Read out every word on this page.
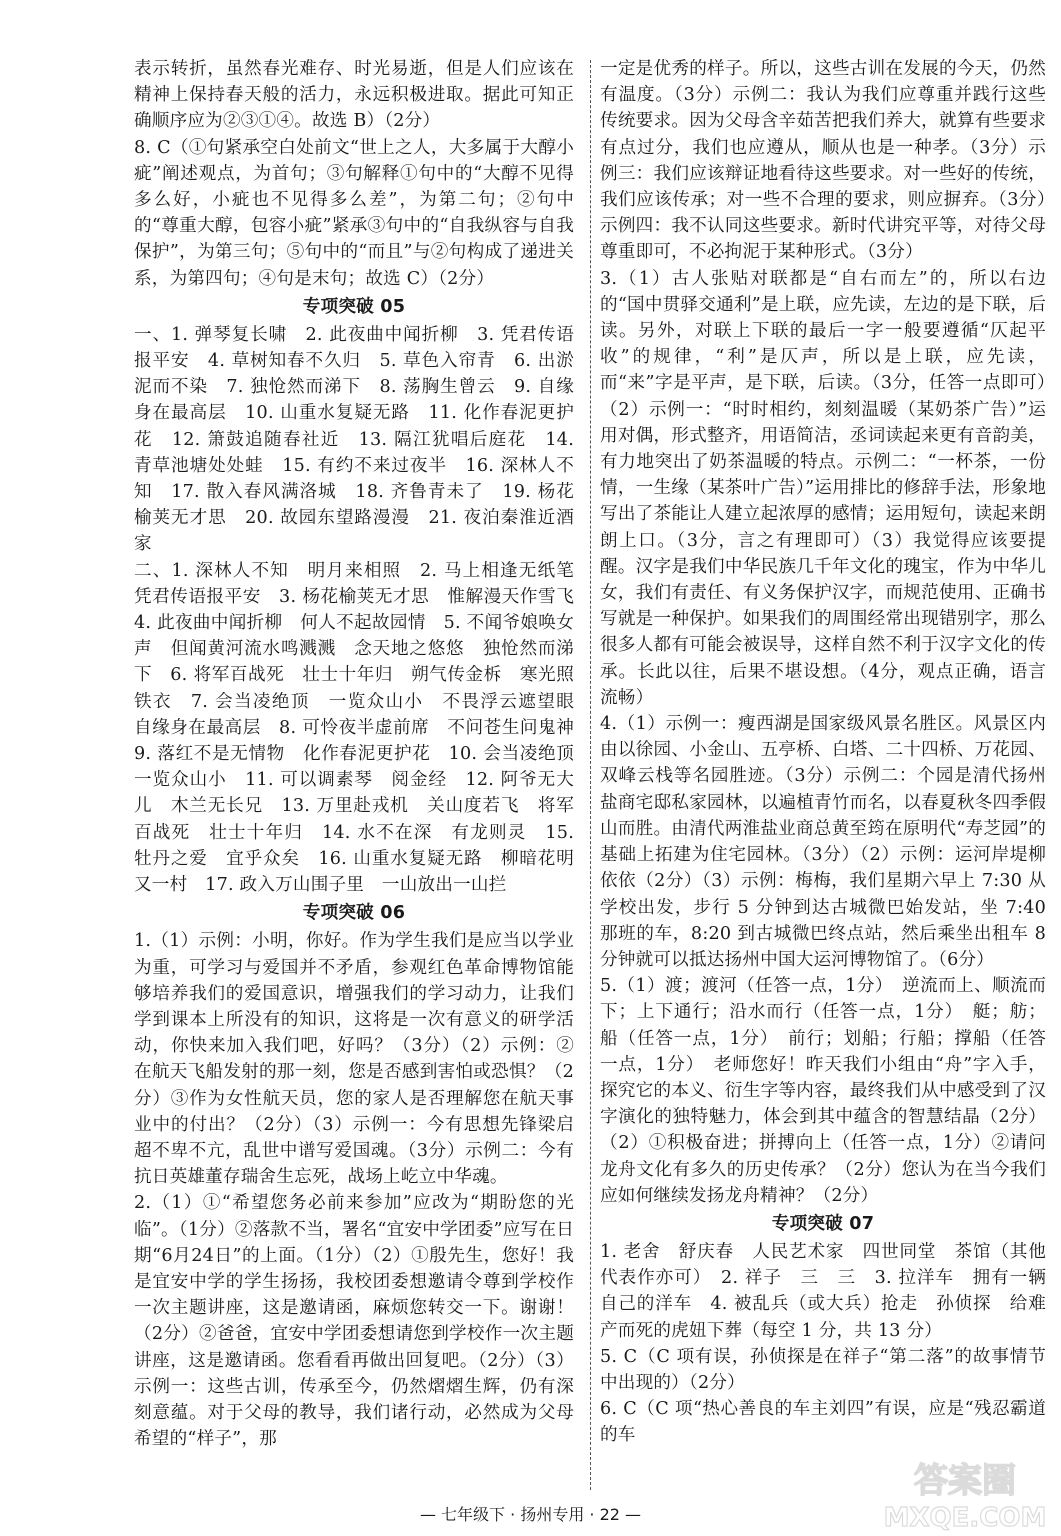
表示转折，虽然春光难存、时光易逝，但是人们应该在精神上保持春天般的活力，永远积极进取。据此可知正确顺序应为②③①④。故选 B）（2分）
8. C（①句紧承空白处前文“世上之人，大多属于大醇小疵”阐述观点，为首句；③句解释①句中的“大醇不见得多么好，小疵也不见得多么差”，为第二句；②句中的“尊重大醇，包容小疵”紧承③句中的“自我纵容与自我保护”，为第三句；⑤句中的“而且”与②句构成了递进关系，为第四句；④句是末句；故选 C）（2分）
专项突破 05
一、1. 弹琴复长啸　2. 此夜曲中闻折柳　3. 凭君传语报平安　4. 草树知春不久归　5. 草色入帘青　6. 出淤泥而不染　7. 独怆然而涕下　8. 荡胸生曾云　9. 自缘身在最高层　10. 山重水复疑无路　11. 化作春泥更护花　12. 箫鼓追随春社近　13. 隔江犹唱后庭花　14. 青草池塘处处蛙　15. 有约不来过夜半　16. 深林人不知　17. 散入春风满洛城　18. 齐鲁青未了　19. 杨花榆荚无才思　20. 故园东望路漫漫　21. 夜泊秦淮近酒家
二、1. 深林人不知　明月来相照　2. 马上相逢无纸笔　凭君传语报平安　3. 杨花榆荚无才思　惟解漫天作雪飞　4. 此夜曲中闻折柳　何人不起故园情　5. 不闻爷娘唤女声　但闻黄河流水鸣溅溅　念天地之悠悠　独怆然而涕下　6. 将军百战死　壮士十年归　朔气传金柝　寒光照铁衣　7. 会当凌绝顶　一览众山小　不畏浮云遮望眼　自缘身在最高层　8. 可怜夜半虚前席　不问苍生问鬼神　9. 落红不是无情物　化作春泥更护花　10. 会当凌绝顶　一览众山小　11. 可以调素琴　阅金经　12. 阿爷无大儿　木兰无长兄　13. 万里赴戎机　关山度若飞　将军百战死　壮士十年归　14. 水不在深　有龙则灵　15. 牡丹之爱　宜乎众矣　16. 山重水复疑无路　柳暗花明又一村　17. 政入万山围子里　一山放出一山拦
专项突破 06
1.（1）示例：小明，你好。作为学生我们是应当以学业为重，可学习与爱国并不矛盾，参观红色革命博物馆能够培养我们的爱国意识，增强我们的学习动力，让我们学到课本上所没有的知识，这将是一次有意义的研学活动，你快来加入我们吧，好吗？（3分）（2）示例：②在航天飞船发射的那一刻，您是否感到害怕或恐惧？（2分）③作为女性航天员，您的家人是否理解您在航天事业中的付出？（2分）（3）示例一：今有思想先锋梁启超不卑不亢，乱世中谱写爱国魂。（3分）示例二：今有抗日英雄董存瑞舍生忘死，战场上屹立中华魂。
2.（1）①“希望您务必前来参加”应改为“期盼您的光临”。（1分）②落款不当，署名“宜安中学团委”应写在日期“6月24日”的上面。（1分）（2）①殷先生，您好！我是宜安中学的学生扬扬，我校团委想邀请令尊到学校作一次主题讲座，这是邀请函，麻烦您转交一下。谢谢！（2分）②爸爸，宜安中学团委想请您到学校作一次主题讲座，这是邀请函。您看看再做出回复吧。（2分）（3）示例一：这些古训，传承至今，仍然熠熠生辉，仍有深刻意蕴。对于父母的教导，我们诸行动，必然成为父母希望的“样子”，那
一定是优秀的样子。所以，这些古训在发展的今天，仍然有温度。（3分）示例二：我认为我们应尊重并践行这些传统要求。因为父母含辛茹苦把我们养大，就算有些要求有点过分，我们也应遵从，顺从也是一种孝。（3分）示例三：我们应该辩证地看待这些要求。对一些好的传统，我们应该传承；对一些不合理的要求，则应摒弃。（3分）示例四：我不认同这些要求。新时代讲究平等，对待父母尊重即可，不必拘泥于某种形式。（3分）
3.（1）古人张贴对联都是“自右而左”的，所以右边的“国中贯驿交通利”是上联，应先读，左边的是下联，后读。另外，对联上下联的最后一字一般要遵循“仄起平收”的规律，“利”是仄声，所以是上联，应先读，而“来”字是平声，是下联，后读。（3分，任答一点即可）（2）示例一：“时时相约，刻刻温暖（某奶茶广告）”运用对偶，形式整齐，用语简洁，丞词读起来更有音韵美，有力地突出了奶茶温暖的特点。示例二：“一杯茶，一份情，一生缘（某茶叶广告）”运用排比的修辞手法，形象地写出了茶能让人建立起浓厚的感情；运用短句，读起来朗朗上口。（3分，言之有理即可）（3）我觉得应该要提醒。汉字是我们中华民族几千年文化的瑰宝，作为中华儿女，我们有责任、有义务保护汉字，而规范使用、正确书写就是一种保护。如果我们的周围经常出现错别字，那么很多人都有可能会被误导，这样自然不利于汉字文化的传承。长此以往，后果不堪设想。（4分，观点正确，语言流畅）
4.（1）示例一：瘦西湖是国家级风景名胜区。风景区内由以徐园、小金山、五亭桥、白塔、二十四桥、万花园、双峰云栈等名园胜迹。（3分）示例二：个园是清代扬州盐商宅邸私家园林，以遍植青竹而名，以春夏秋冬四季假山而胜。由清代两淮盐业商总黄至筠在原明代“寿芝园”的基础上拓建为住宅园林。（3分）（2）示例：运河岸堤柳依依（2分）（3）示例：梅梅，我们星期六早上 7:30 从学校出发，步行 5 分钟到达古城微巴始发站，坐 7:40 那班的车，8:20 到古城微巴终点站，然后乘坐出租车 8 分钟就可以抵达扬州中国大运河博物馆了。（6分）
5.（1）渡；渡河（任答一点，1分）　逆流而上、顺流而下；上下通行；沿水而行（任答一点，1分）　艇；舫；船（任答一点，1分）　前行；划船；行船；撑船（任答一点，1分）　老师您好！昨天我们小组由“舟”字入手，探究它的本义、衍生字等内容，最终我们从中感受到了汉字演化的独特魅力，体会到其中蕴含的智慧结晶（2分）（2）①积极奋进；拼搏向上（任答一点，1分）②请问龙舟文化有多久的历史传承？（2分）您认为在当今我们应如何继续发扬龙舟精神？（2分）
专项突破 07
1. 老舍　舒庆春　人民艺术家　四世同堂　茶馆（其他代表作亦可）　2. 祥子　三　三　3. 拉洋车　拥有一辆自己的洋车　4. 被乱兵（或大兵）抢走　孙侦探　给难产而死的虎妞下葬（每空 1 分，共 13 分）
5. C（C 项有误，孙侦探是在祥子“第二落”的故事情节中出现的）（2分）
6. C（C 项“热心善良的车主刘四”有误，应是“残忍霸道的车
— 七年级下 · 扬州专用 · 22 —
答案圈
MXQE.COM
